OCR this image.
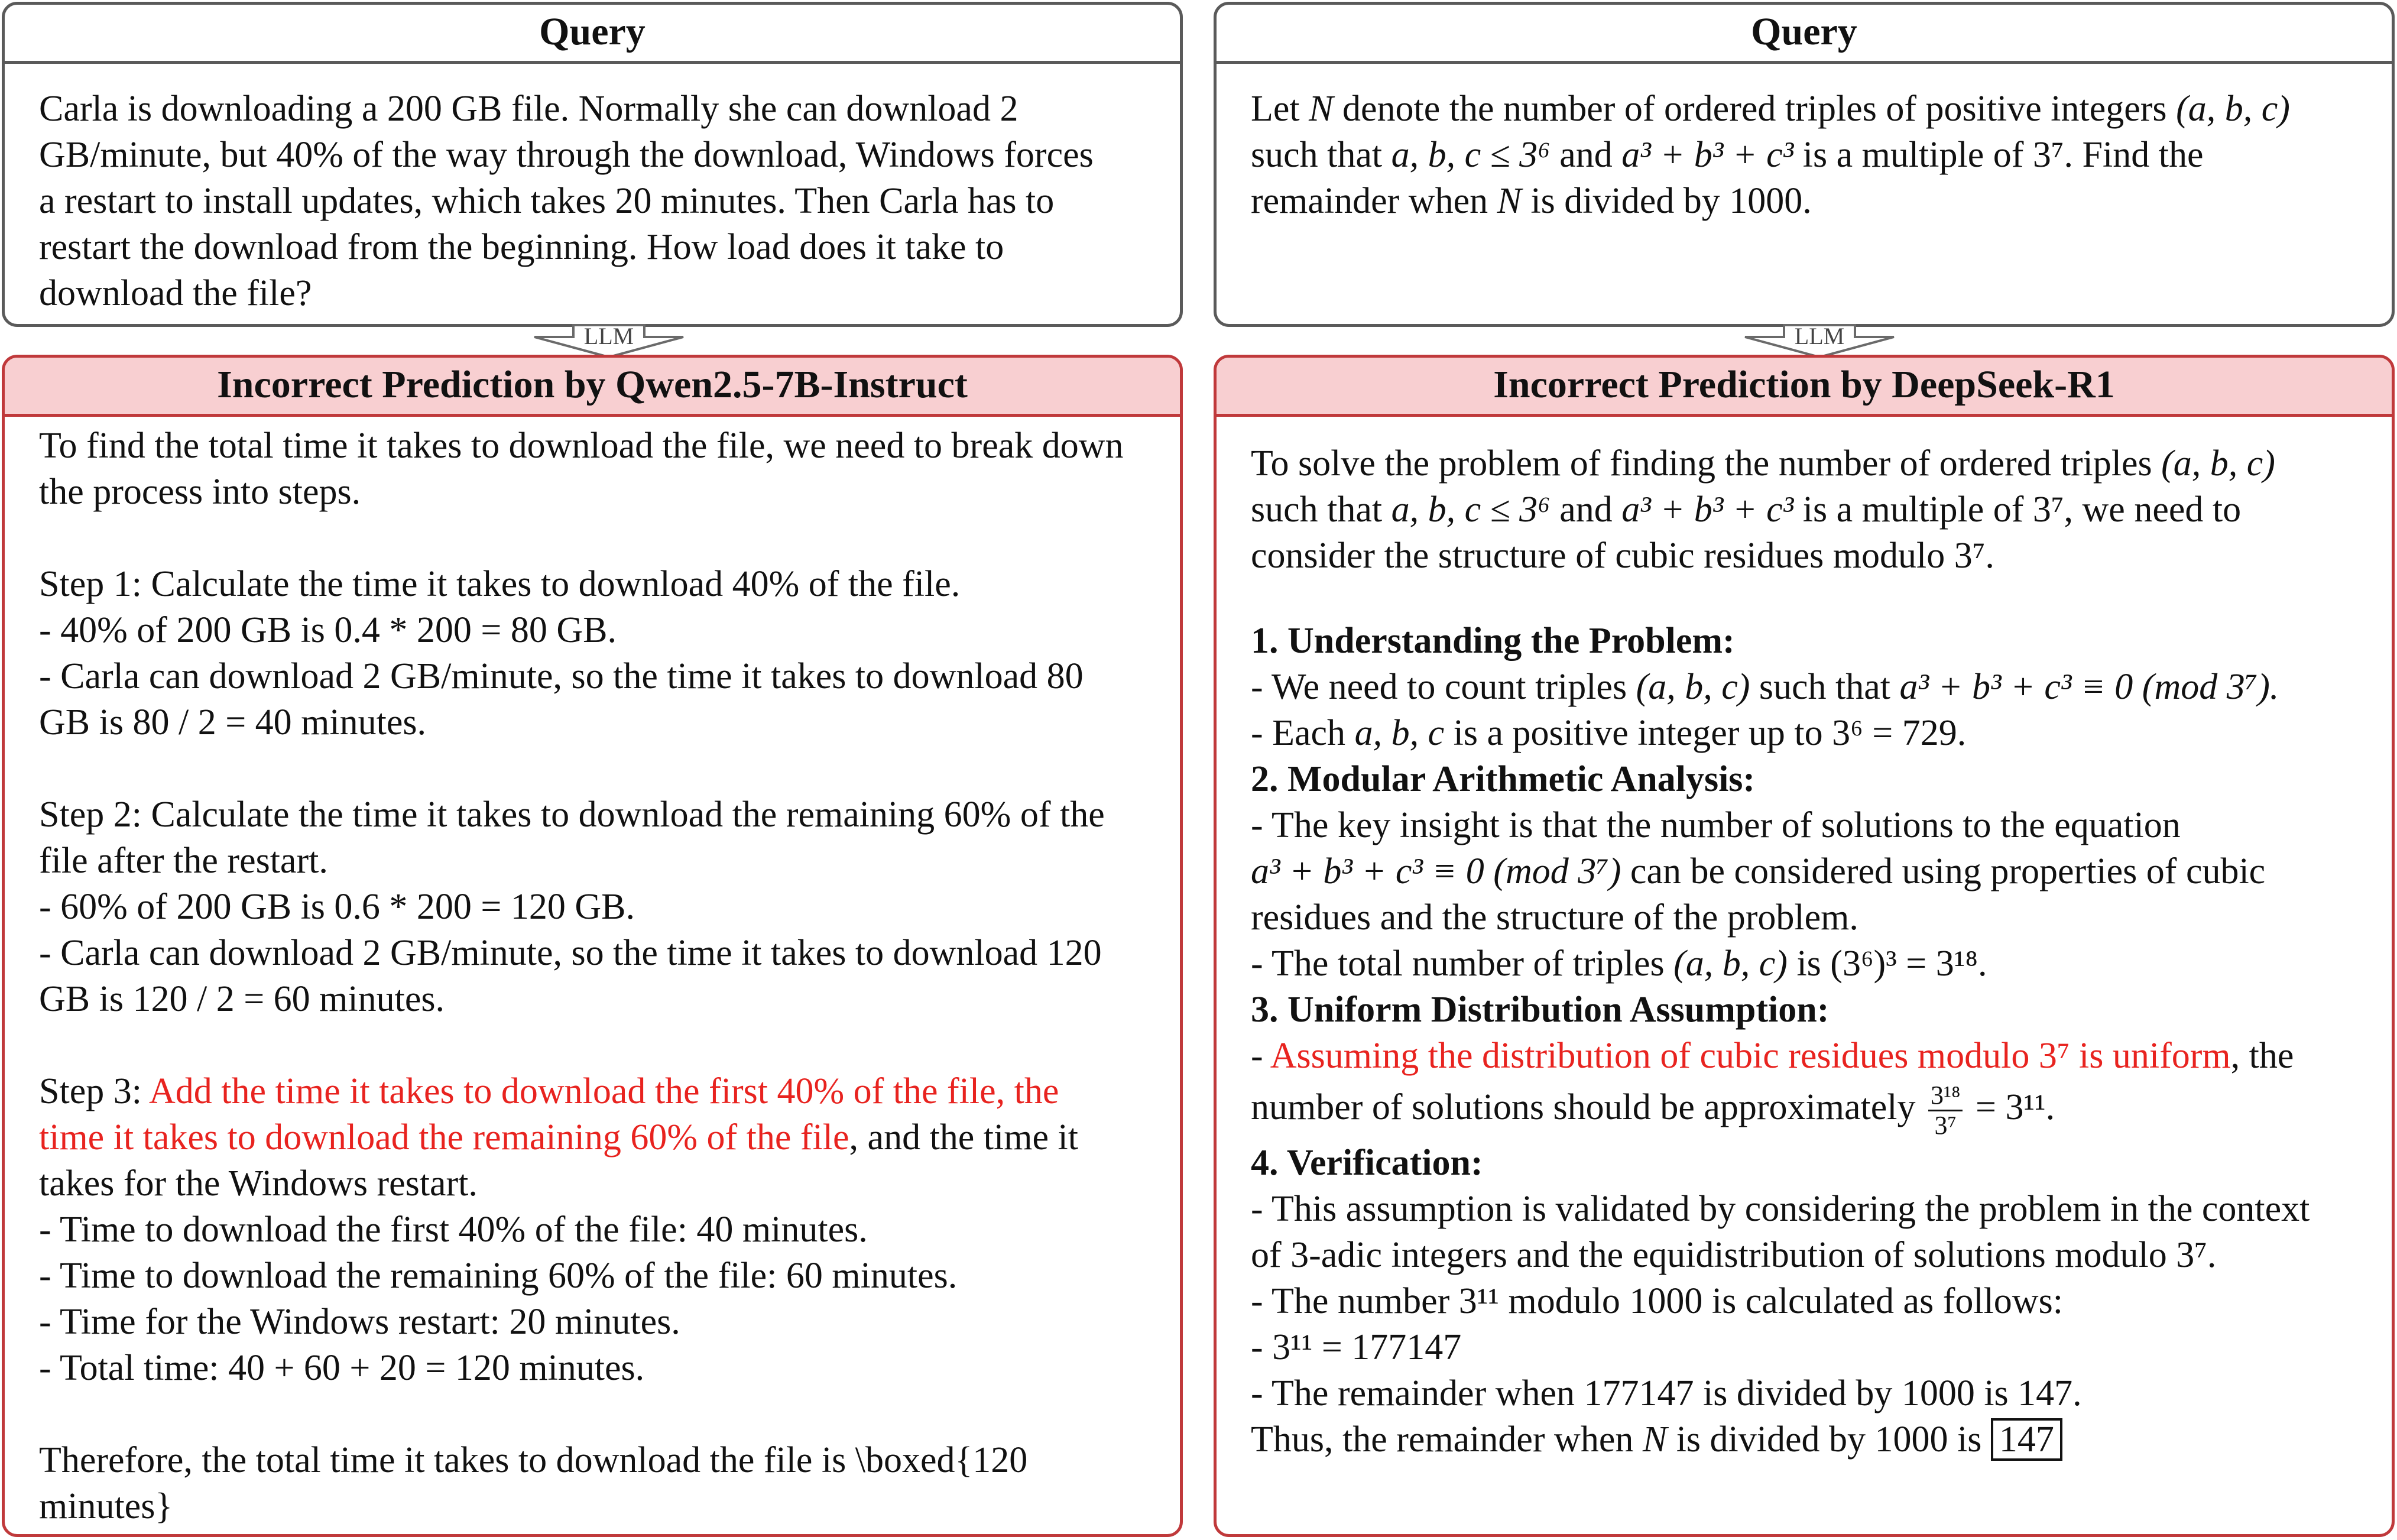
Query

Carla is downloading a 200 GB file. Normally she can download 2

GB/minute, but 40% of the way through the download, Windows forces

a restart to install updates, which takes 20 minutes. Then Carla has to

restart the download from the beginning. How load does it take to

download the file?

LLM
Incorrect Prediction by Qwen2.5-7B-Instruct

To find the total time it takes to download the file, we need to break down

the process into steps.

Step 1: Calculate the time it takes to download 40% of the file.

- 40% of 200 GB is 0.4 * 200 = 80 GB.

- Carla can download 2 GB/minute, so the time it takes to download 80

GB is 80 / 2 = 40 minutes.

Step 2: Calculate the time it takes to download the remaining 60% of the

file after the restart.

- 60% of 200 GB is 0.6 * 200 = 120 GB.

- Carla can download 2 GB/minute, so the time it takes to download 120

GB is 120 / 2 = 60 minutes.

Step 3: Add the time it takes to download the first 40% of the file, the

time it takes to download the remaining 60% of the file, and the time it

takes for the Windows restart.

- Time to download the first 40% of the file: 40 minutes.

- Time to download the remaining 60% of the file: 60 minutes.

- Time for the Windows restart: 20 minutes.

- Total time: 40 + 60 + 20 = 120 minutes.

Therefore, the total time it takes to download the file is \boxed{120

minutes}

Query

Let N denote the number of ordered triples of positive integers (a, b, c)

such that a, b, c ≤ 3⁶ and a³ + b³ + c³ is a multiple of 3⁷. Find the

remainder when N is divided by 1000.

LLM
Incorrect Prediction by DeepSeek-R1

To solve the problem of finding the number of ordered triples (a, b, c)

such that a, b, c ≤ 3⁶ and a³ + b³ + c³ is a multiple of 3⁷, we need to

consider the structure of cubic residues modulo 3⁷.

1. Understanding the Problem:

- We need to count triples (a, b, c) such that a³ + b³ + c³ ≡ 0 (mod 3⁷).

- Each a, b, c is a positive integer up to 3⁶ = 729.

2. Modular Arithmetic Analysis:

- The key insight is that the number of solutions to the equation

a³ + b³ + c³ ≡ 0 (mod 3⁷) can be considered using properties of cubic

residues and the structure of the problem.

- The total number of triples (a, b, c) is (3⁶)³ = 3¹⁸.

3. Uniform Distribution Assumption:

- Assuming the distribution of cubic residues modulo 3⁷ is uniform, the

number of solutions should be approximately $\frac{\text{3¹⁸}}{\text{3⁷}} = 3^{11}$.

4. Verification:

- This assumption is validated by considering the problem in the context

of 3-adic integers and the equidistribution of solutions modulo 3⁷.

- The number 3¹¹ modulo 1000 is calculated as follows:

- 3¹¹ = 177147

- The remainder when 177147 is divided by 1000 is 147.

Thus, the remainder when N is divided by 1000 is 147
